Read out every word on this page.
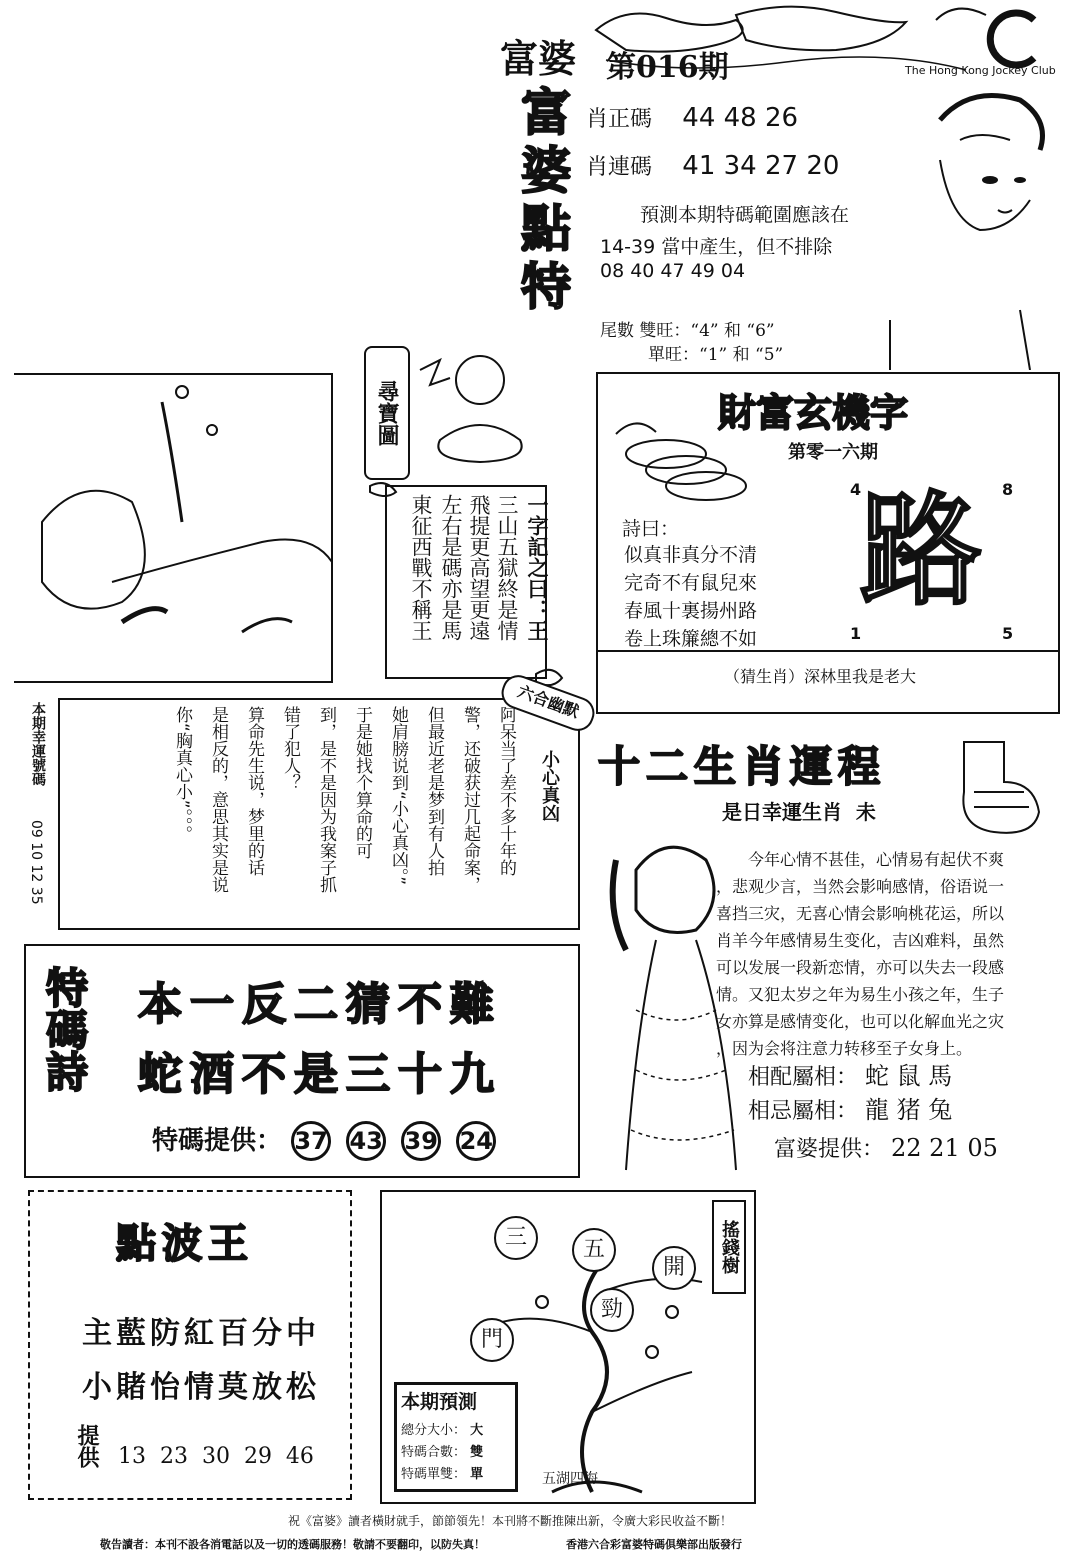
富婆 第016期	The Hong Kong Jockey Club
富婆點特 肖正碼 44 48 26
肖連碼 41 34 27 20
預測本期特碼範圍應該在
14-39 當中產生，但不排除
08 40 47 49 04
尾數 雙旺：“4” 和 “6”
單旺：“1” 和 “5”
尋寶圖
一字記之曰：王
三山五獄終是情
飛提更高望更遠
左右是碼亦是馬
東征西戰不稱王
財富玄機字
第零一六期
4	8
1	5
路
詩曰：
似真非真分不清
完奇不有鼠兒來
春風十裏揚州路
卷上珠簾總不如
（猜生肖）深林里我是老大
本期幸運號碼
09 10 12 35
六合幽默
小心真凶
阿呆当了差不多十年的
警，还破获过几起命案，
但最近老是梦到有人拍
她肩膀说到“小心真凶。”
于是她找个算命的可
到，是不是因为我案子抓
错了犯人？
算命先生说，梦里的话
是相反的，意思其实是说
你“胸真心小”。。。	十二生肖運程
是日幸運生肖  未
今年心情不甚佳，心情易有起伏不爽
，悲观少言，当然会影响感情，俗语说一
喜挡三灾，无喜心情会影响桃花运，所以
肖羊今年感情易生变化，吉凶难料，虽然
可以发展一段新恋情，亦可以失去一段感
情。又犯太岁之年为易生小孩之年，生子
女亦算是感情变化，也可以化解血光之灾
，因为会将注意力转移至子女身上。
相配屬相： 蛇 鼠 馬
相忌屬相： 龍 猪 兔
富婆提供： 22 21 05
特碼詩 本一反二猜不難
蛇酒不是三十九
特碼提供： 37 43 39 24
點波王
主藍防紅百分中
小賭怡情莫放松
提供 13  23  30  29  46
搖錢樹
三	五
開
門
勁
本期預測
總分大小： 大
特碼合數： 雙
特碼單雙： 單	五湖四海
祝《富婆》讀者橫財就手，節節領先！本刊將不斷推陳出新，令廣大彩民收益不斷！
敬告讀者：本刊不設各消電話以及一切的透碼服務！敬請不要翻印，以防失真！	香港六合彩富婆特碼俱樂部出版發行
